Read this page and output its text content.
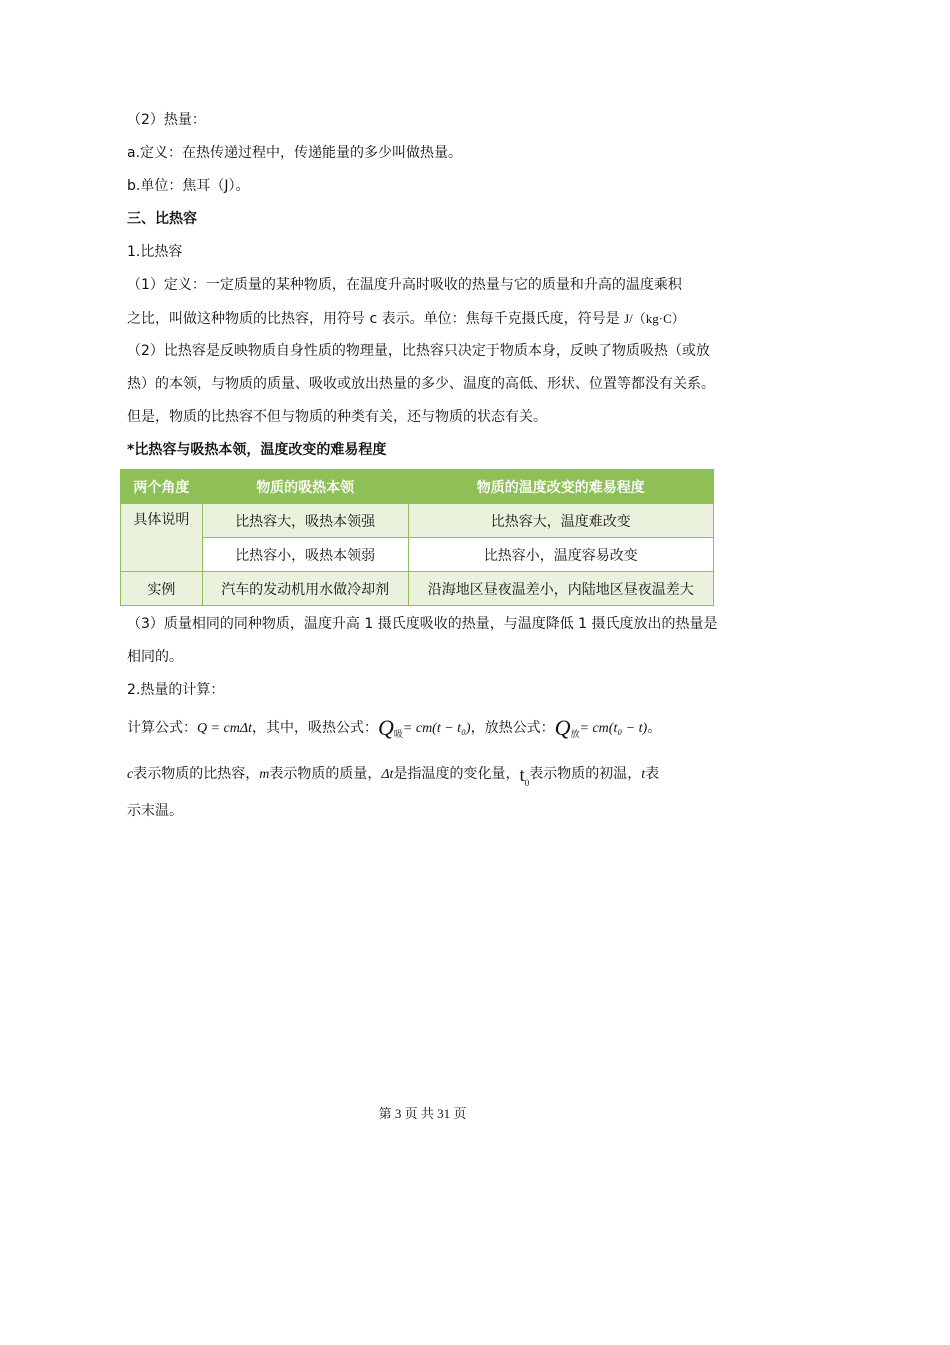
（2）热量：
a.定义：在热传递过程中，传递能量的多少叫做热量。
b.单位：焦耳（J）。
三、比热容
1.比热容
（1）定义：一定质量的某种物质，在温度升高时吸收的热量与它的质量和升高的温度乘积
之比，叫做这种物质的比热容，用符号 c 表示。单位：焦每千克摄氏度，符号是 J/（kg·C）
（2）比热容是反映物质自身性质的物理量，比热容只决定于物质本身，反映了物质吸热（或放热）的本领，与物质的质量、吸收或放出热量的多少、温度的高低、形状、位置等都没有关系。但是，物质的比热容不但与物质的种类有关，还与物质的状态有关。
*比热容与吸热本领，温度改变的难易程度
两个角度	物质的吸热本领	物质的温度改变的难易程度
具体说明	比热容大，吸热本领强	比热容大，温度难改变
	比热容小，吸热本领弱	比热容小，温度容易改变
实例	汽车的发动机用水做冷却剂	沿海地区昼夜温差小，内陆地区昼夜温差大
（3）质量相同的同种物质，温度升高 1 摄氏度吸收的热量，与温度降低 1 摄氏度放出的热量是相同的。
2.热量的计算：
计算公式：Q = cmΔt，其中，吸热公式：$Q_吸= cm(t - t_0)$，放热公式：$Q_放= cm(t_0 - t)$。
c表示物质的比热容，m表示物质的质量，Δt是指温度的变化量，$t_0$表示物质的初温，t表
示末温。
第 3 页 共 31 页
